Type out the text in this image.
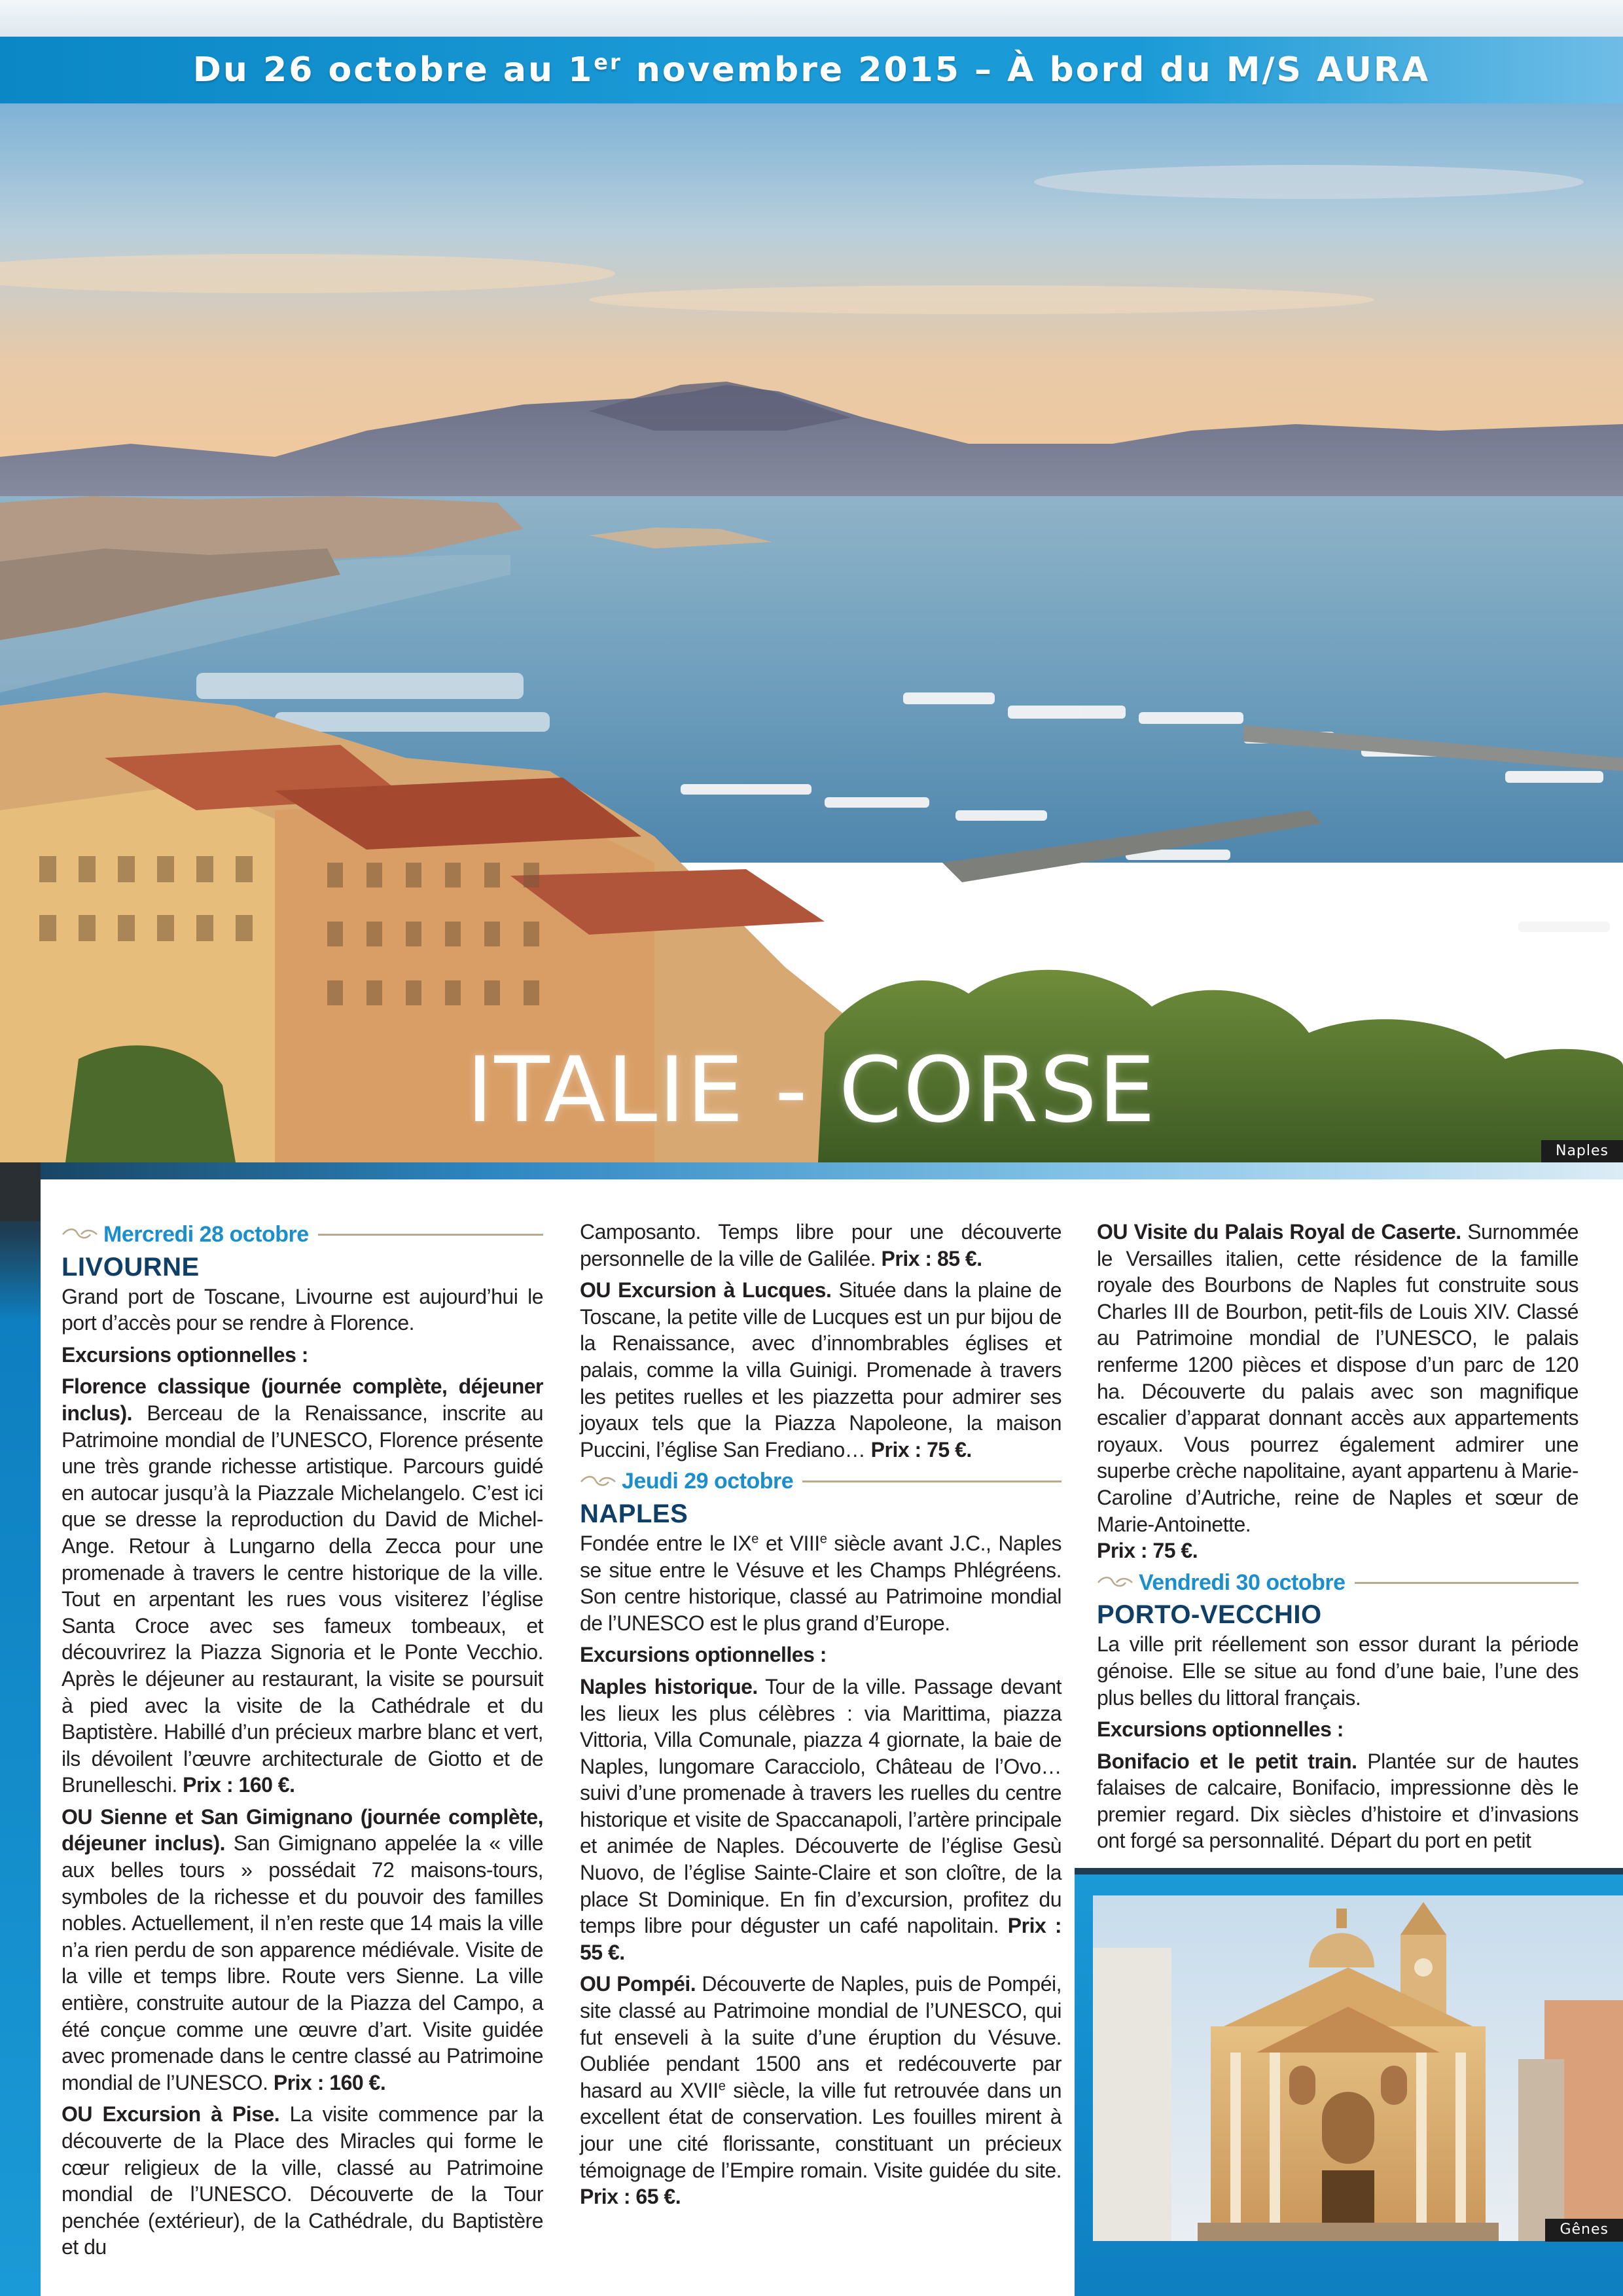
Du 26 octobre au 1er novembre 2015 – À bord du M/S AURA
ITALIE - CORSE
Naples
Mercredi 28 octobre
LIVOURNE

Grand port de Toscane, Livourne est aujourd’hui le port d’accès pour se rendre à Florence.

Excursions optionnelles :

Florence classique (journée complète, déjeuner inclus). Berceau de la Renaissance, inscrite au Patrimoine mondial de l’UNESCO, Florence présente une très grande richesse artistique. Parcours guidé en autocar jusqu’à la Piazzale Michelangelo. C’est ici que se dresse la reproduction du David de Michel-Ange. Retour à Lungarno della Zecca pour une promenade à travers le centre historique de la ville. Tout en arpentant les rues vous visiterez l’église Santa Croce avec ses fameux tombeaux, et découvrirez la Piazza Signoria et le Ponte Vecchio. Après le déjeuner au restaurant, la visite se poursuit à pied avec la visite de la Cathédrale et du Baptistère. Habillé d’un précieux marbre blanc et vert, ils dévoilent l’œuvre architecturale de Giotto et de Brunelleschi. Prix : 160 €.

OU Sienne et San Gimignano (journée complète, déjeuner inclus). San Gimignano appelée la « ville aux belles tours » possédait 72 maisons-tours, symboles de la richesse et du pouvoir des familles nobles. Actuellement, il n’en reste que 14 mais la ville n’a rien perdu de son apparence médiévale. Visite de la ville et temps libre. Route vers Sienne. La ville entière, construite autour de la Piazza del Campo, a été conçue comme une œuvre d’art. Visite guidée avec promenade dans le centre classé au Patrimoine mondial de l’UNESCO. Prix : 160 €.

OU Excursion à Pise. La visite commence par la découverte de la Place des Miracles qui forme le cœur religieux de la ville, classé au Patrimoine mondial de l’UNESCO. Découverte de la Tour penchée (extérieur), de la Cathédrale, du Baptistère et du

Camposanto. Temps libre pour une découverte personnelle de la ville de Galilée. Prix : 85 €.

OU Excursion à Lucques. Située dans la plaine de Toscane, la petite ville de Lucques est un pur bijou de la Renaissance, avec d’innombrables églises et palais, comme la villa Guinigi. Promenade à travers les petites ruelles et les piazzetta pour admirer ses joyaux tels que la Piazza Napoleone, la maison Puccini, l’église San Frediano… Prix : 75 €.

Jeudi 29 octobre
NAPLES

Fondée entre le IXe et VIIIe siècle avant J.C., Naples se situe entre le Vésuve et les Champs Phlégréens. Son centre historique, classé au Patrimoine mondial de l’UNESCO est le plus grand d’Europe.

Excursions optionnelles :

Naples historique. Tour de la ville. Passage devant les lieux les plus célèbres : via Marittima, piazza Vittoria, Villa Comunale, piazza 4 giornate, la baie de Naples, lungomare Caracciolo, Château de l’Ovo… suivi d’une promenade à travers les ruelles du centre historique et visite de Spaccanapoli, l’artère principale et animée de Naples. Découverte de l’église Gesù Nuovo, de l’église Sainte-Claire et son cloître, de la place St Dominique. En fin d’excursion, profitez du temps libre pour déguster un café napolitain. Prix : 55 €.

OU Pompéi. Découverte de Naples, puis de Pompéi, site classé au Patrimoine mondial de l’UNESCO, qui fut enseveli à la suite d’une éruption du Vésuve. Oubliée pendant 1500 ans et redécouverte par hasard au XVIIe siècle, la ville fut retrouvée dans un excellent état de conservation. Les fouilles mirent à jour une cité florissante, constituant un précieux témoignage de l’Empire romain. Visite guidée du site. Prix : 65 €.

OU Visite du Palais Royal de Caserte. Surnommée le Versailles italien, cette résidence de la famille royale des Bourbons de Naples fut construite sous Charles III de Bourbon, petit-fils de Louis XIV. Classé au Patrimoine mondial de l’UNESCO, le palais renferme 1200 pièces et dispose d’un parc de 120 ha. Découverte du palais avec son magnifique escalier d’apparat donnant accès aux appartements royaux. Vous pourrez également admirer une superbe crèche napolitaine, ayant appartenu à Marie-Caroline d’Autriche, reine de Naples et sœur de Marie-Antoinette.
Prix : 75 €.

Vendredi 30 octobre
PORTO-VECCHIO

La ville prit réellement son essor durant la période génoise. Elle se situe au fond d’une baie, l’une des plus belles du littoral français.

Excursions optionnelles :

Bonifacio et le petit train. Plantée sur de hautes falaises de calcaire, Bonifacio, impressionne dès le premier regard. Dix siècles d’histoire et d’invasions ont forgé sa personnalité. Départ du port en petit

Gênes
